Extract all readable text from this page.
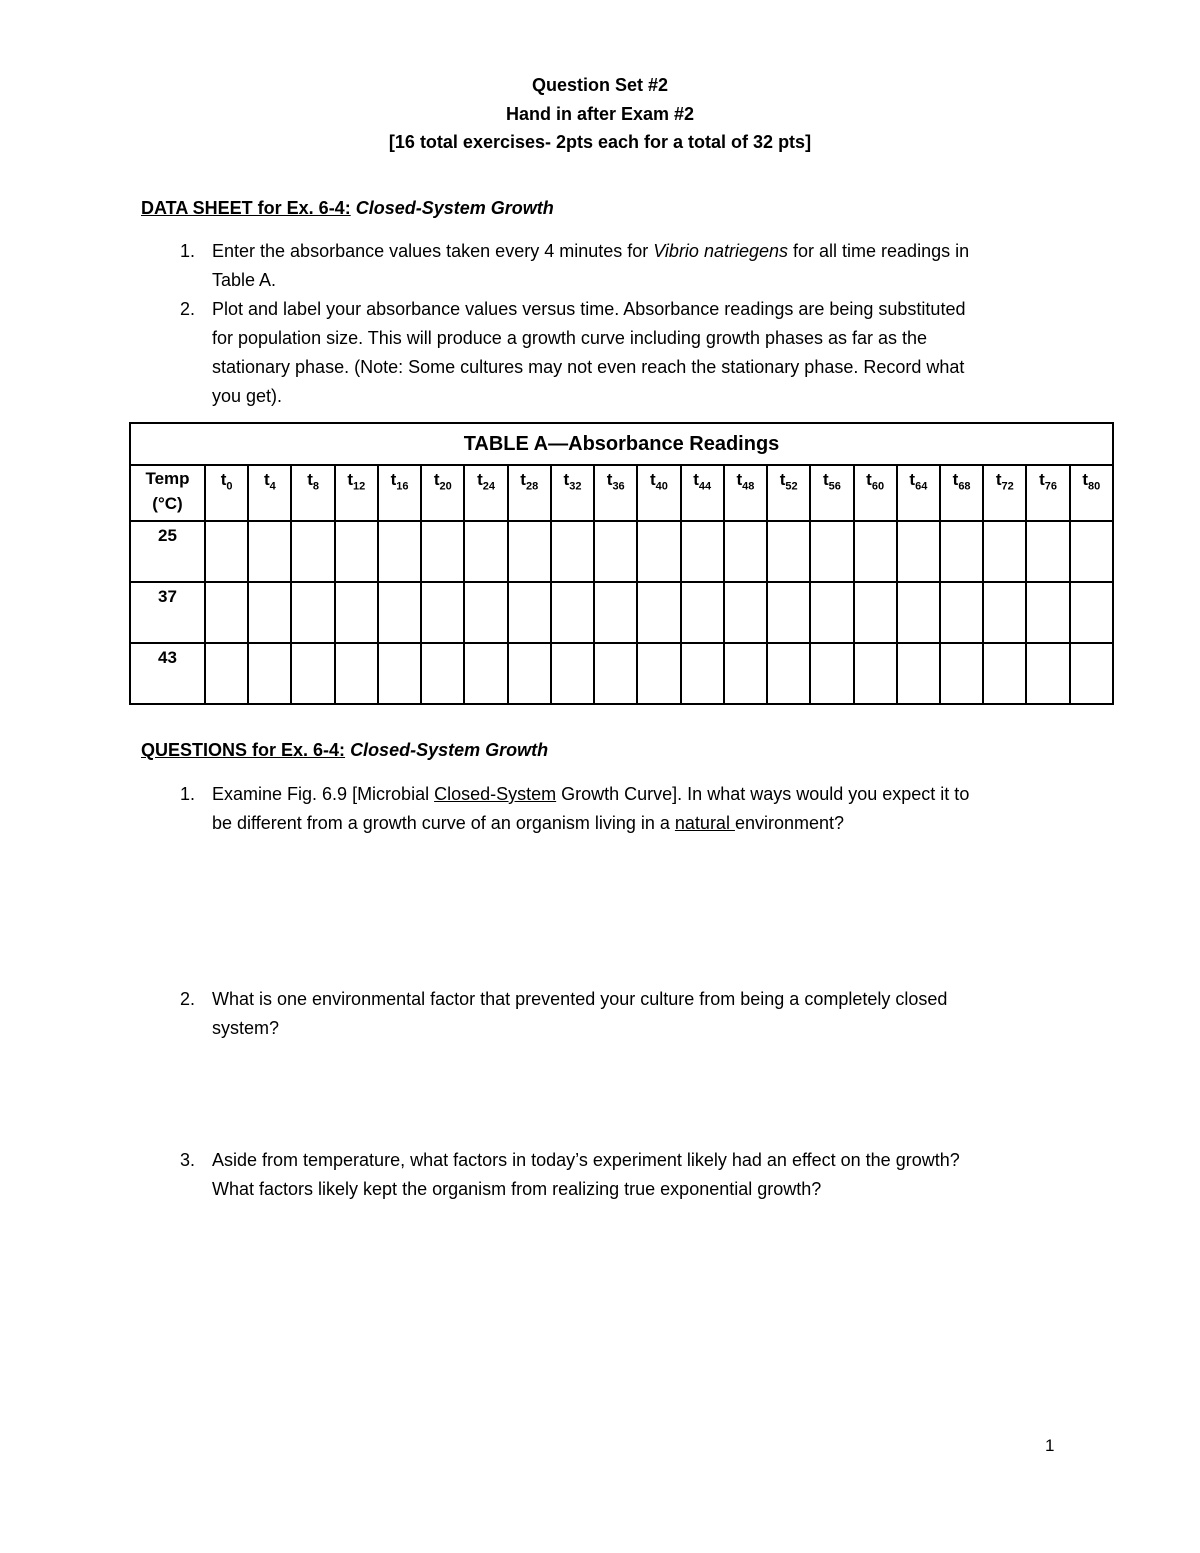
Question Set #2
Hand in after Exam #2
[16 total exercises- 2pts each for a total of 32 pts]
DATA SHEET for Ex. 6-4: Closed-System Growth
1. Enter the absorbance values taken every 4 minutes for Vibrio natriegens for all time readings in
Table A.
2. Plot and label your absorbance values versus time. Absorbance readings are being substituted
for population size. This will produce a growth curve including growth phases as far as the
stationary phase. (Note: Some cultures may not even reach the stationary phase. Record what
you get).
TABLE A—Absorbance Readings																					

Temp
(°C)	$t_0$	$t_4$	$t_8$	$t_{12}$	$t_{16}$	$t_{20}$	$t_{24}$	$t_{28}$	$t_{32}$	$t_{36}$	$t_{40}$	$t_{44}$	$t_{48}$	$t_{52}$	$t_{56}$	$t_{60}$	$t_{64}$	$t_{68}$	$t_{72}$	$t_{76}$	$t_{80}$
25																					
37																					
43																					
QUESTIONS for Ex. 6-4: Closed-System Growth
1. Examine Fig. 6.9 [Microbial Closed-System Growth Curve]. In what ways would you expect it to
be different from a growth curve of an organism living in a natural environment?
2. What is one environmental factor that prevented your culture from being a completely closed
system?
3. Aside from temperature, what factors in today’s experiment likely had an effect on the growth?
What factors likely kept the organism from realizing true exponential growth?
1
